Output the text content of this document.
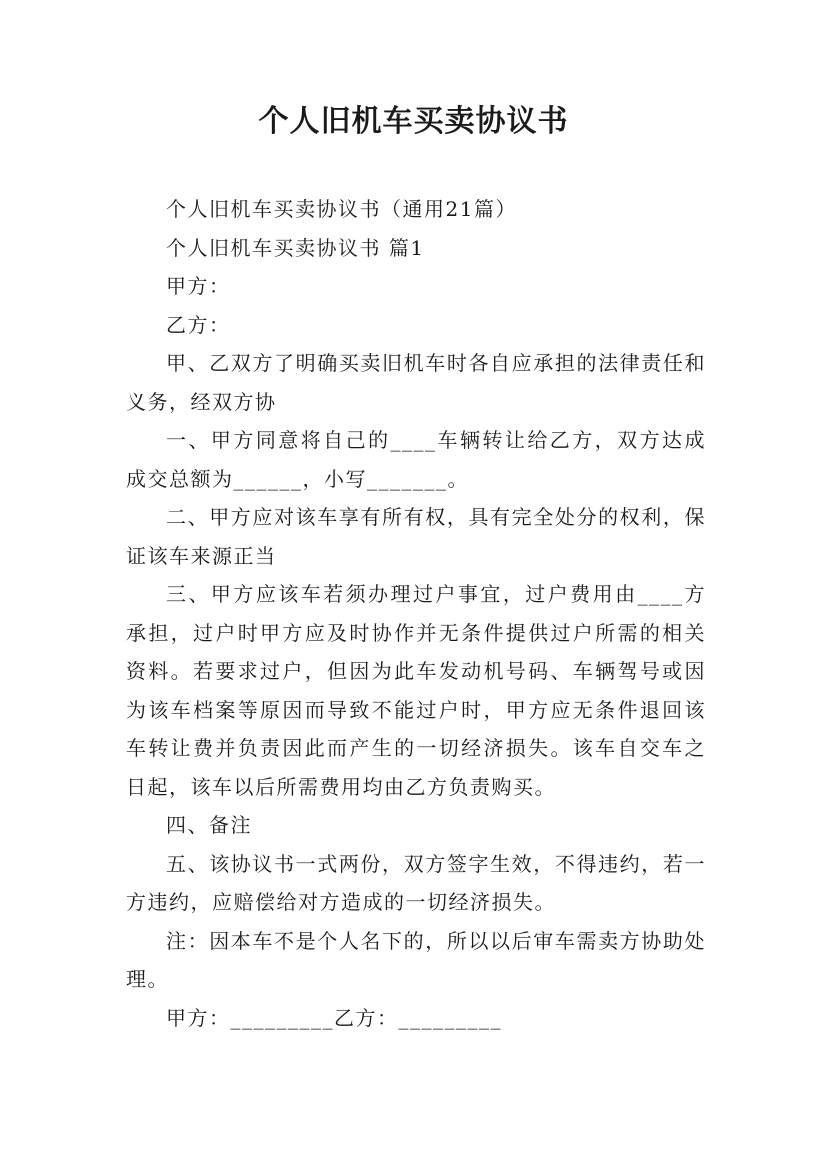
个人旧机车买卖协议书

个人旧机车买卖协议书（通用21篇）

个人旧机车买卖协议书 篇1

甲方：

乙方：

甲、乙双方了明确买卖旧机车时各自应承担的法律责任和义务，经双方协

一、甲方同意将自己的____车辆转让给乙方，双方达成成交总额为______，小写_______。

二、甲方应对该车享有所有权，具有完全处分的权利，保证该车来源正当

三、甲方应该车若须办理过户事宜，过户费用由____方承担，过户时甲方应及时协作并无条件提供过户所需的相关资料。若要求过户，但因为此车发动机号码、车辆驾号或因为该车档案等原因而导致不能过户时，甲方应无条件退回该车转让费并负责因此而产生的一切经济损失。该车自交车之日起，该车以后所需费用均由乙方负责购买。

四、备注

五、该协议书一式两份，双方签字生效，不得违约，若一方违约，应赔偿给对方造成的一切经济损失。

注：因本车不是个人名下的，所以以后审车需卖方协助处理。

甲方：_________乙方：_________
